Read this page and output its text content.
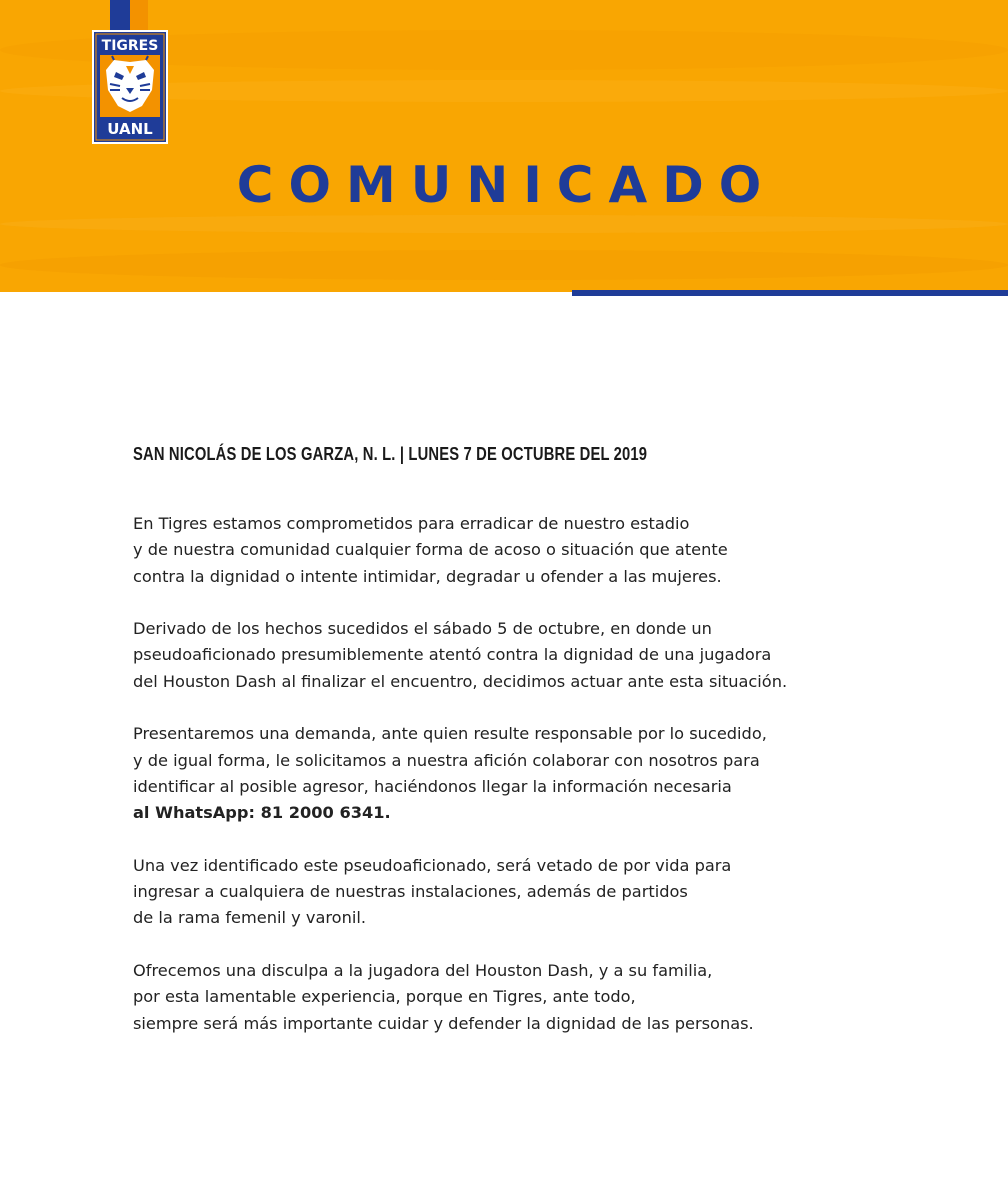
TIGRES
UANL
COMUNICADO
SAN NICOLÁS DE LOS GARZA, N. L. | LUNES 7 DE OCTUBRE DEL 2019

En Tigres estamos comprometidos para erradicar de nuestro estadio
y de nuestra comunidad cualquier forma de acoso o situación que atente
contra la dignidad o intente intimidar, degradar u ofender a las mujeres.

Derivado de los hechos sucedidos el sábado 5 de octubre, en donde un
pseudoaficionado presumiblemente atentó contra la dignidad de una jugadora
del Houston Dash al finalizar el encuentro, decidimos actuar ante esta situación.

Presentaremos una demanda, ante quien resulte responsable por lo sucedido,
y de igual forma, le solicitamos a nuestra afición colaborar con nosotros para
identificar al posible agresor, haciéndonos llegar la información necesaria
al WhatsApp: 81 2000 6341.

Una vez identificado este pseudoaficionado, será vetado de por vida para
ingresar a cualquiera de nuestras instalaciones, además de partidos
de la rama femenil y varonil.

Ofrecemos una disculpa a la jugadora del Houston Dash, y a su familia,
por esta lamentable experiencia, porque en Tigres, ante todo,
siempre será más importante cuidar y defender la dignidad de las personas.
